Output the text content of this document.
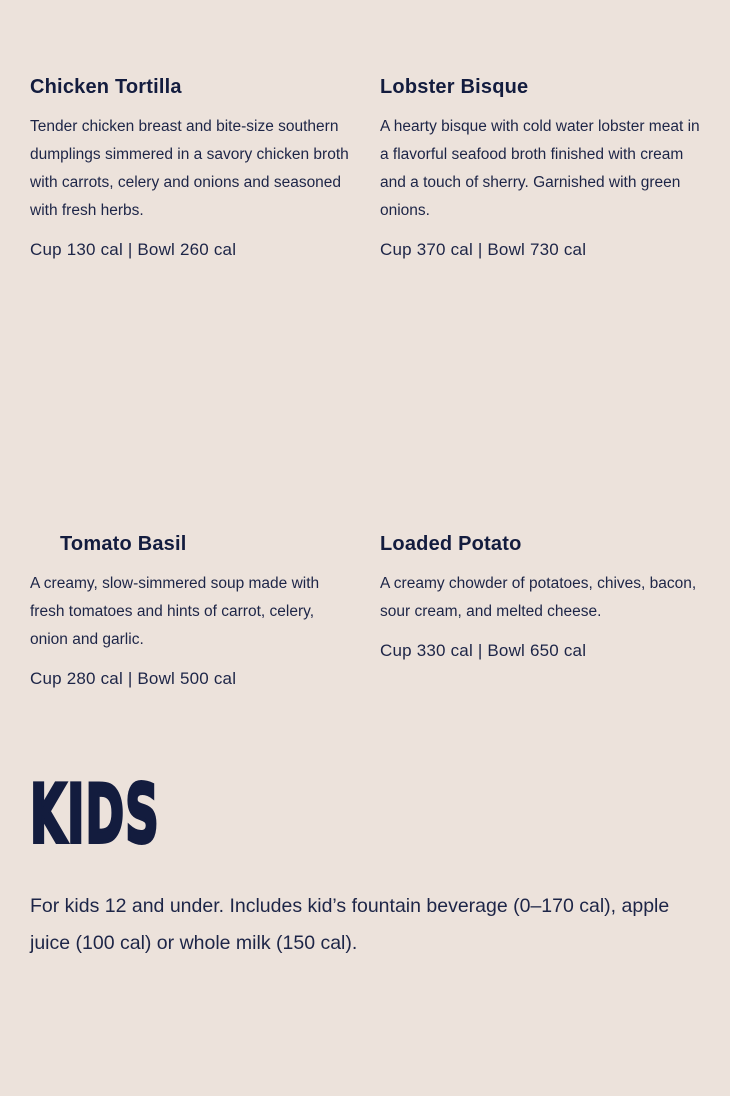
Chicken Tortilla
Tender chicken breast and bite-size southern dumplings simmered in a savory chicken broth with carrots, celery and onions and seasoned with fresh herbs.
Cup 130 cal | Bowl 260 cal
Lobster Bisque
A hearty bisque with cold water lobster meat in a flavorful seafood broth finished with cream and a touch of sherry. Garnished with green onions.
Cup 370 cal | Bowl 730 cal
Tomato Basil
A creamy, slow-simmered soup made with fresh tomatoes and hints of carrot, celery, onion and garlic.
Cup 280 cal | Bowl 500 cal
Loaded Potato
A creamy chowder of potatoes, chives, bacon, sour cream, and melted cheese.
Cup 330 cal | Bowl 650 cal
KIDS
For kids 12 and under. Includes kid’s fountain beverage (0–170 cal), apple juice (100 cal) or whole milk (150 cal).
